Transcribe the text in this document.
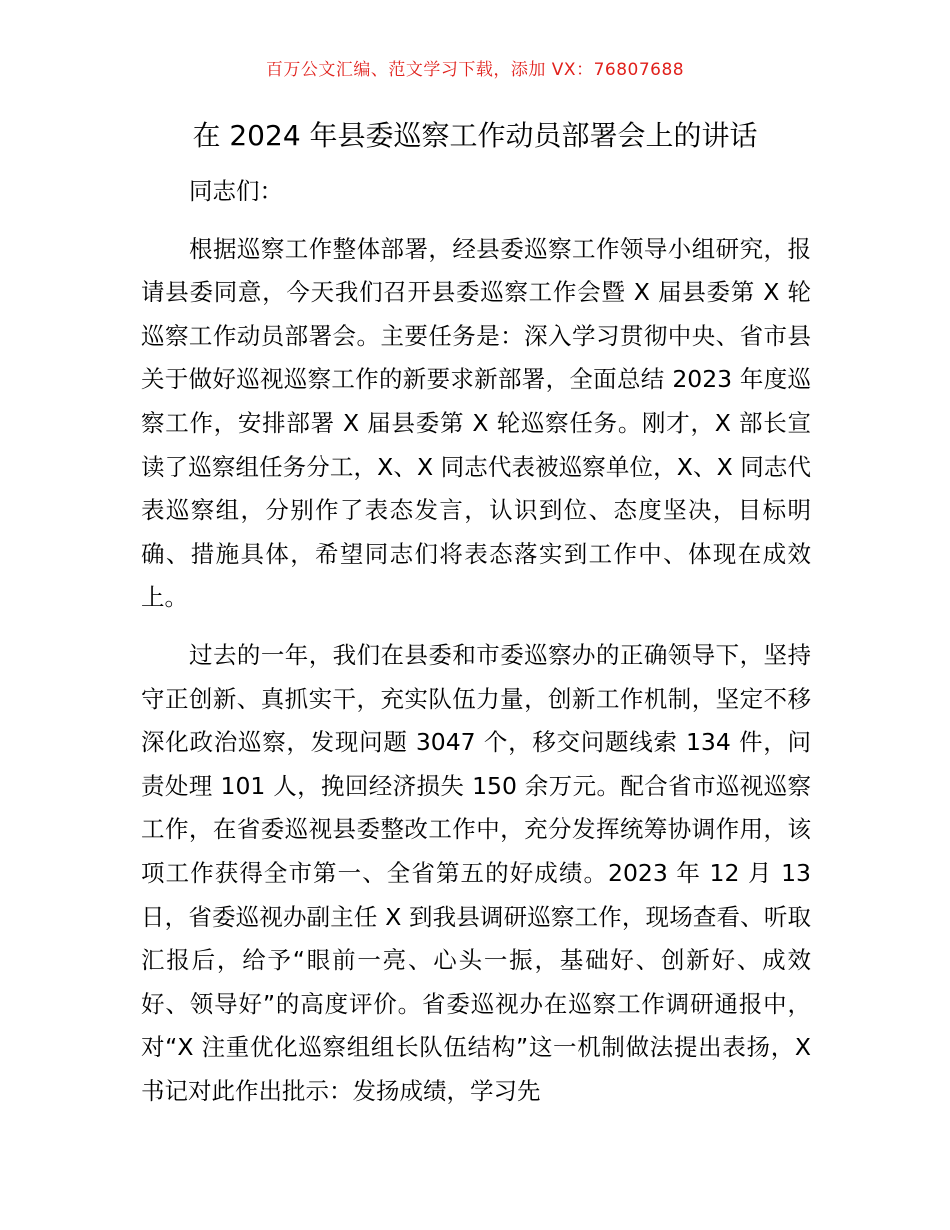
百万公文汇编、范文学习下载，添加 VX：76807688
在 2024 年县委巡察工作动员部署会上的讲话

同志们：

根据巡察工作整体部署，经县委巡察工作领导小组研究，报请县委同意，今天我们召开县委巡察工作会暨 X 届县委第 X 轮巡察工作动员部署会。主要任务是：深入学习贯彻中央、省市县关于做好巡视巡察工作的新要求新部署，全面总结 2023 年度巡察工作，安排部署 X 届县委第 X 轮巡察任务。刚才，X 部长宣读了巡察组任务分工，X、X 同志代表被巡察单位，X、X 同志代表巡察组，分别作了表态发言，认识到位、态度坚决，目标明确、措施具体，希望同志们将表态落实到工作中、体现在成效上。

过去的一年，我们在县委和市委巡察办的正确领导下，坚持守正创新、真抓实干，充实队伍力量，创新工作机制，坚定不移深化政治巡察，发现问题 3047 个，移交问题线索 134 件，问责处理 101 人，挽回经济损失 150 余万元。配合省市巡视巡察工作，在省委巡视县委整改工作中，充分发挥统筹协调作用，该项工作获得全市第一、全省第五的好成绩。2023 年 12 月 13 日，省委巡视办副主任 X 到我县调研巡察工作，现场查看、听取汇报后，给予“眼前一亮、心头一振，基础好、创新好、成效好、领导好”的高度评价。省委巡视办在巡察工作调研通报中，对“X 注重优化巡察组组长队伍结构”这一机制做法提出表扬，X 书记对此作出批示：发扬成绩，学习先
